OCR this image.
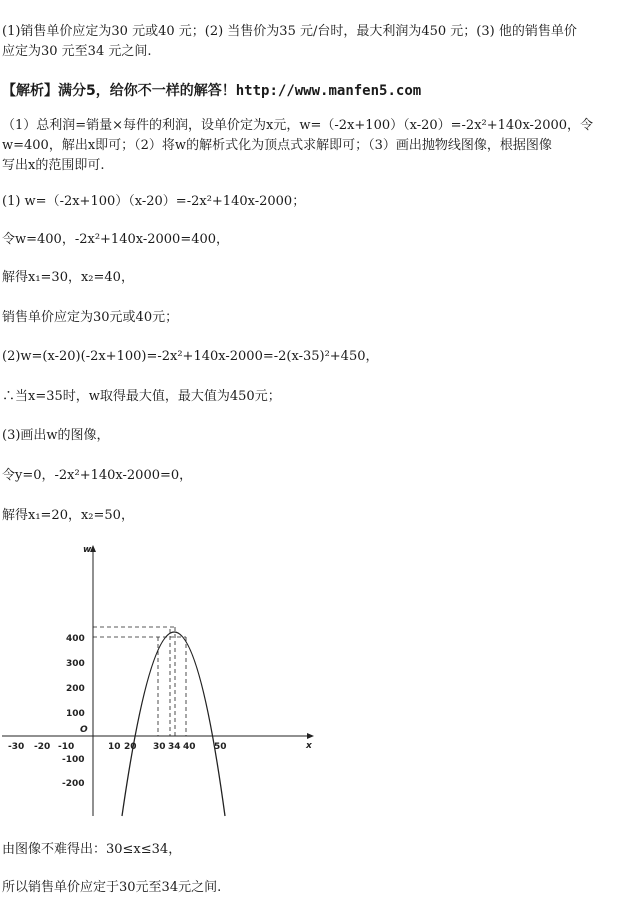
(1)销售单价应定为30 元或40 元；(2) 当售价为35 元/台时，最大利润为450 元；(3) 他的销售单价
应定为30 元至34 元之间.
【解析】满分5，给你不一样的解答！http://www.manfen5.com
（1）总利润=销量×每件的利润，设单价定为x元，w=（-2x+100）（x-20）=-2x²+140x-2000，令
w=400，解出x即可；（2）将w的解析式化为顶点式求解即可；（3）画出抛物线图像，根据图像
写出x的范围即可.
(1) w=（-2x+100）（x-20）=-2x²+140x-2000；
令w=400，-2x²+140x-2000=400，
解得x₁=30，x₂=40，
销售单价应定为30元或40元；
(2)w=(x-20)(-2x+100)=-2x²+140x-2000=-2(x-35)²+450，
∴当x=35时，w取得最大值，最大值为450元；
(3)画出w的图像，
令y=0，-2x²+140x-2000=0，
解得x₁=20，x₂=50，
w
x
O
-30 -20 -10	10 20 30 34 40 50
400
300
200
100
-100
-200
由图像不难得出：30≤x≤34，
所以销售单价应定于30元至34元之间.
